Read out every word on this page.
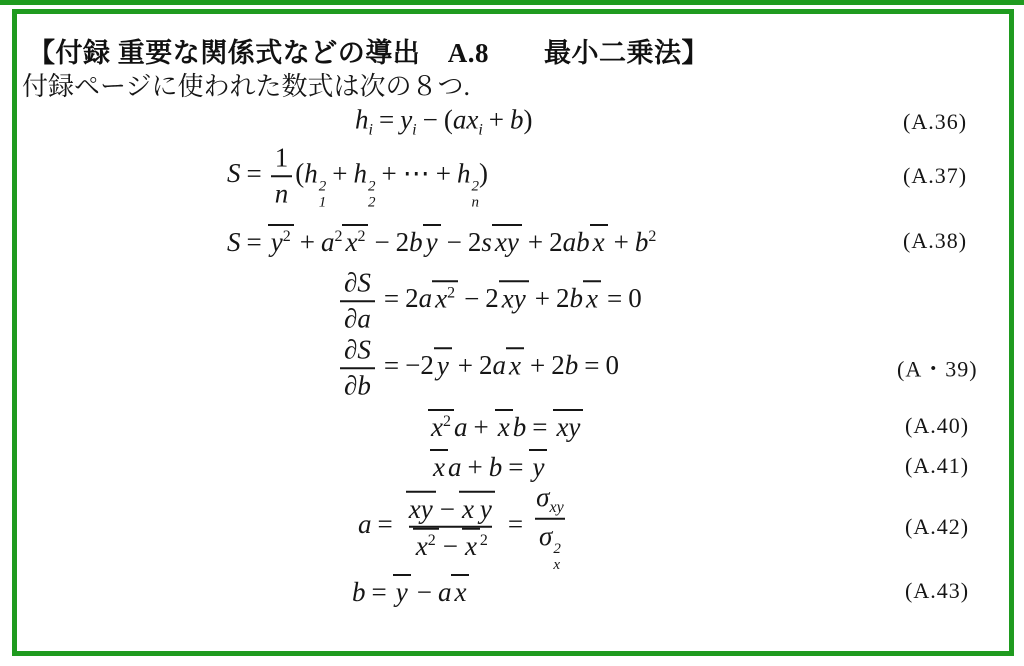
【付録 重要な関係式などの導出　A.8　　最小二乗法】
付録ページに使われた数式は次の８つ.
$h_i = y_i - (ax_i + b)$	(A.36)
$S = \frac{1}{n} (h$ 2
1
+ h 2
2
+ ⋯ + h 2
n
)	(A.37)
$S = y^2 + a^2$ $x^2 - 2b$ y − 2s xy + 2ab $x + b^2$	(A.38)
$\frac{\partial S}{\partial a} = 2a$ $x^2 - 2$ xy + 2b x = 0
$\frac{\partial S}{\partial b} = -2$ y + 2a x + 2b = 0	(A・39)
$x^2$ a + x b = xy	(A.40)
x a + b = y	(A.41)
$a = \frac{\text{xy − x y}}{x^2 - x ^2} = \sigma_{xy}$
σ 2
x	(A.42)
b = y − a x	(A.43)
